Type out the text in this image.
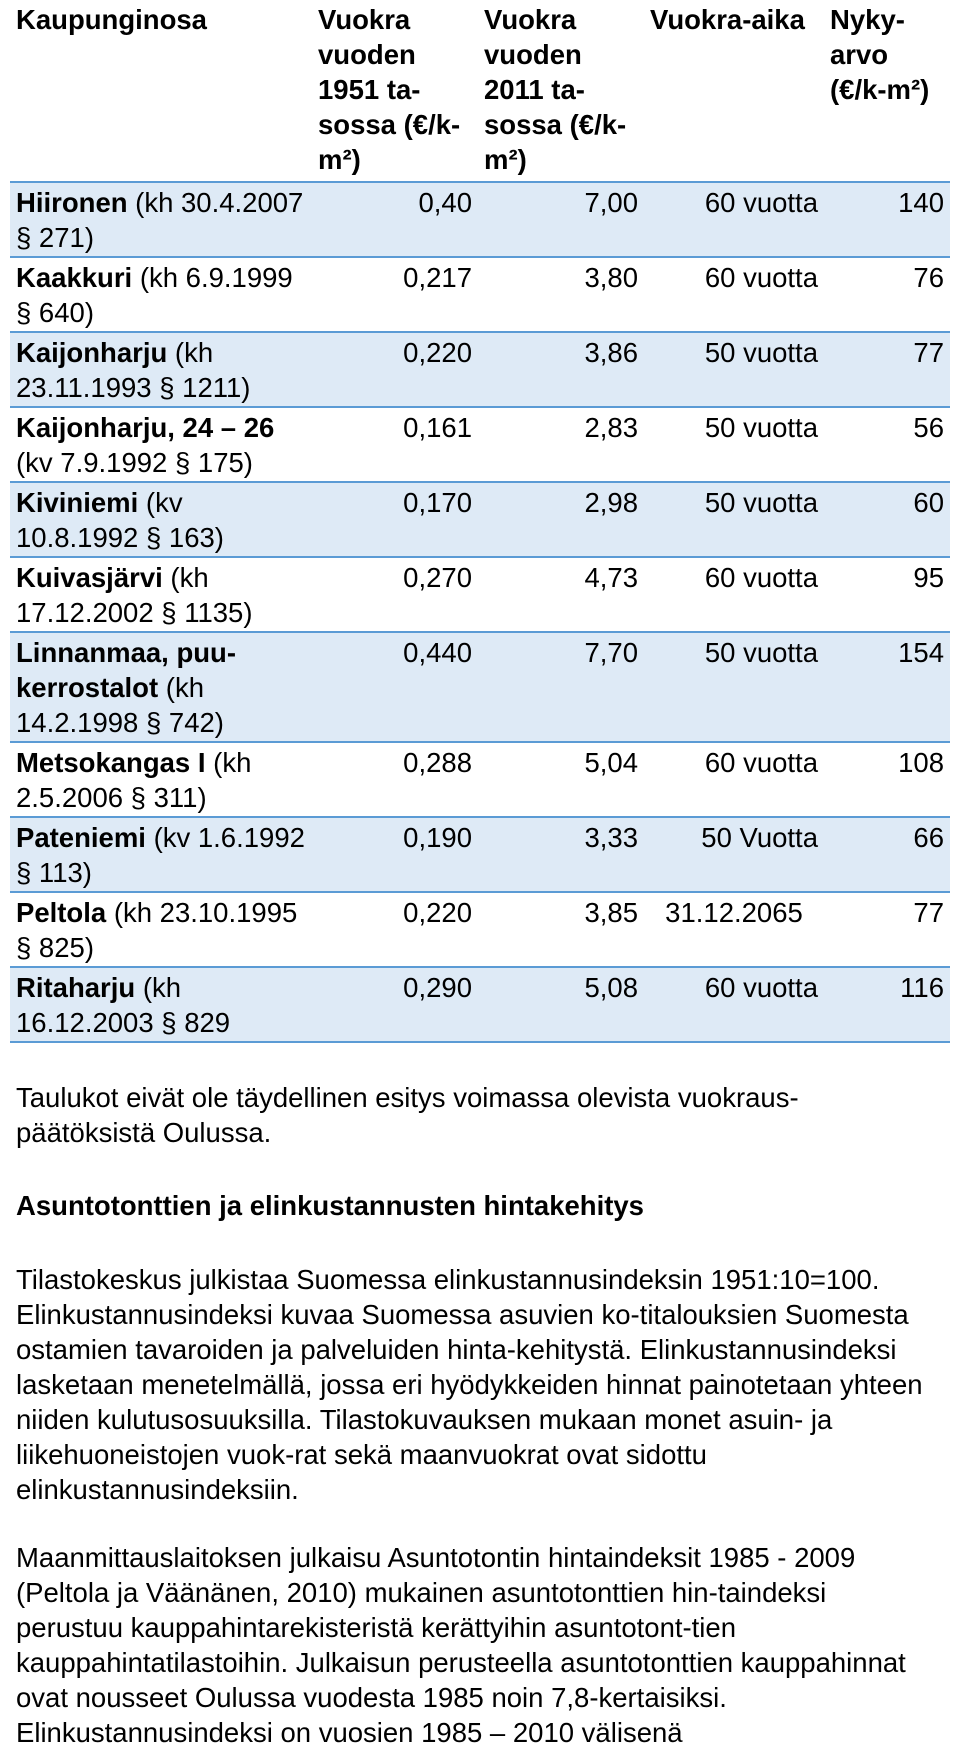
Kaupunginosa	Vuokra vuoden 1951 ta-sossa (€/k-m²)	Vuokra vuoden 2011 ta-sossa (€/k-m²)	Vuokra-aika	Nyky-arvo (€/k-m²)
Hiironen (kh 30.4.2007 § 271)	0,40	7,00	60 vuotta	140
Kaakkuri (kh 6.9.1999 § 640)	0,217	3,80	60 vuotta	76
Kaijonharju (kh 23.11.1993 § 1211)	0,220	3,86	50 vuotta	77
Kaijonharju, 24 – 26 (kv 7.9.1992 § 175)	0,161	2,83	50 vuotta	56
Kiviniemi (kv 10.8.1992 § 163)	0,170	2,98	50 vuotta	60
Kuivasjärvi (kh 17.12.2002 § 1135)	0,270	4,73	60 vuotta	95
Linnanmaa, puu-kerrostalot (kh 14.2.1998 § 742)	0,440	7,70	50 vuotta	154
Metsokangas I (kh 2.5.2006 § 311)	0,288	5,04	60 vuotta	108
Pateniemi (kv 1.6.1992 § 113)	0,190	3,33	50 Vuotta	66
Peltola (kh 23.10.1995 § 825)	0,220	3,85	31.12.2065	77
Ritaharju (kh 16.12.2003 § 829	0,290	5,08	60 vuotta	116
Taulukot eivät ole täydellinen esitys voimassa olevista vuokraus-päätöksistä Oulussa.
Asuntotonttien ja elinkustannusten hintakehitys
Tilastokeskus julkistaa Suomessa elinkustannusindeksin 1951:10=100. Elinkustannusindeksi kuvaa Suomessa asuvien ko-titalouksien Suomesta ostamien tavaroiden ja palveluiden hinta-kehitystä. Elinkustannusindeksi lasketaan menetelmällä, jossa eri hyödykkeiden hinnat painotetaan yhteen niiden kulutusosuuksilla. Tilastokuvauksen mukaan monet asuin- ja liikehuoneistojen vuok-rat sekä maanvuokrat ovat sidottu elinkustannusindeksiin.
Maanmittauslaitoksen julkaisu Asuntotontin hintaindeksit 1985 - 2009 (Peltola ja Väänänen, 2010) mukainen asuntotonttien hin-taindeksi perustuu kauppahintarekisteristä kerättyihin asuntotont-tien kauppahintatilastoihin. Julkaisun perusteella asuntotonttien kauppahinnat ovat nousseet Oulussa vuodesta 1985 noin 7,8-kertaisiksi. Elinkustannusindeksi on vuosien 1985 – 2010 välisenä
